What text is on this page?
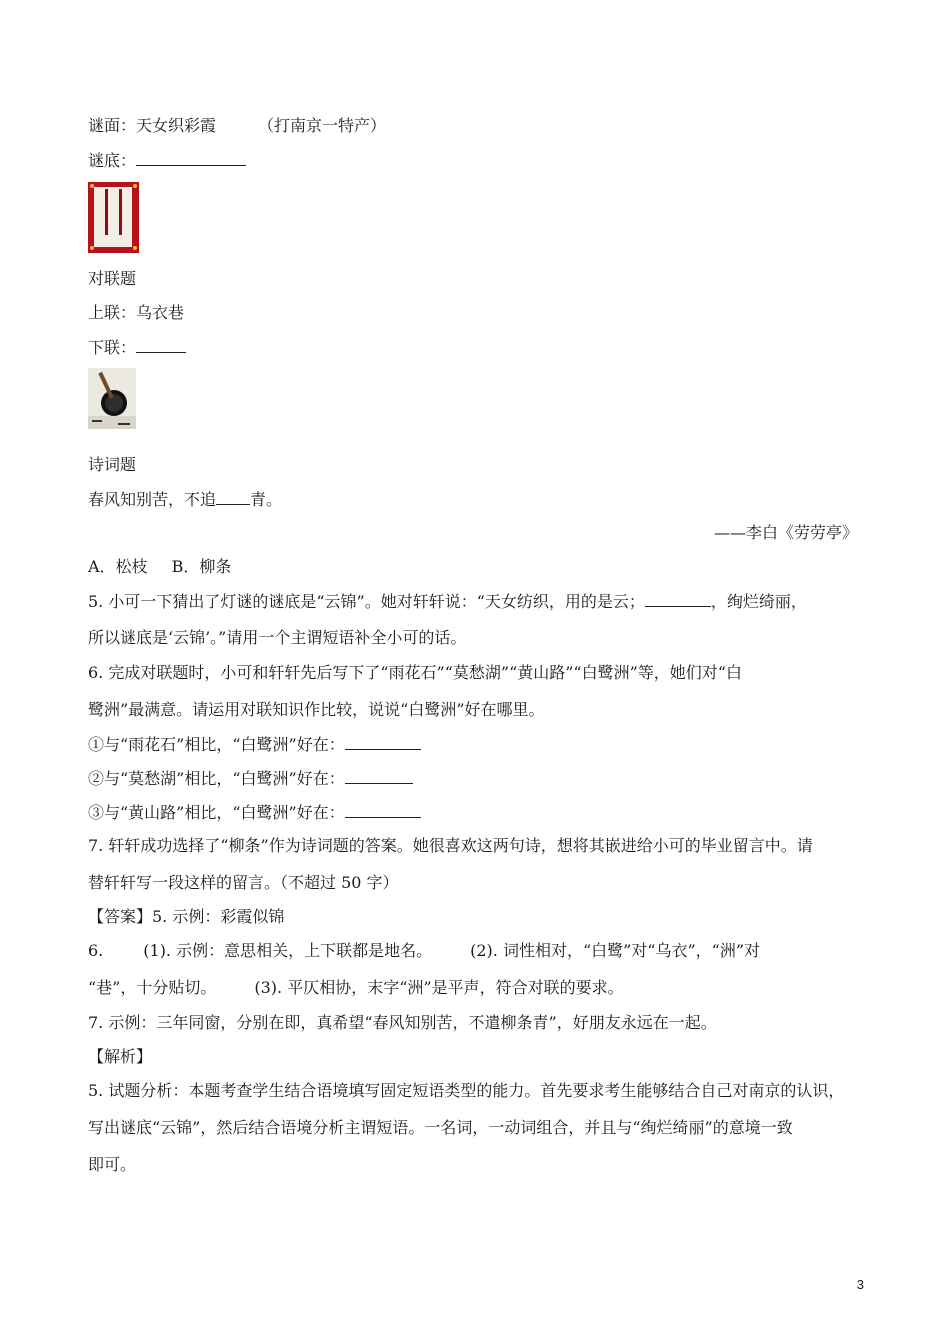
谜面：天女织彩霞	（打南京一特产）
谜底：
对联题
上联：乌衣巷
下联：
诗词题
春风知别苦，不追 青。
——李白《劳劳亭》
A．松枝 B．柳条
5. 小可一下猜出了灯谜的谜底是“云锦”。她对轩轩说：“天女纺织，用的是云；	，绚烂绮丽，
所以谜底是‘云锦’。”请用一个主谓短语补全小可的话。
6. 完成对联题时，小可和轩轩先后写下了“雨花石”“莫愁湖”“黄山路”“白鹭洲”等，她们对“白
鹭洲”最满意。请运用对联知识作比较，说说“白鹭洲”好在哪里。
①与“雨花石”相比，“白鹭洲”好在：
②与“莫愁湖”相比，“白鹭洲”好在：
③与“黄山路”相比，“白鹭洲”好在：
7. 轩轩成功选择了“柳条”作为诗词题的答案。她很喜欢这两句诗，想将其嵌进给小可的毕业留言中。请
替轩轩写一段这样的留言。（不超过 50 字）
【答案】5. 示例：彩霞似锦
6.	(1). 示例：意思相关，上下联都是地名。 (2). 词性相对，“白鹭”对“乌衣”，“洲”对
“巷”，十分贴切。 (3). 平仄相协，末字“洲”是平声，符合对联的要求。
7. 示例：三年同窗，分别在即，真希望“春风知别苦，不遣柳条青”，好朋友永远在一起。
【解析】
5. 试题分析：本题考查学生结合语境填写固定短语类型的能力。首先要求考生能够结合自己对南京的认识，
写出谜底“云锦”，然后结合语境分析主谓短语。一名词，一动词组合，并且与“绚烂绮丽”的意境一致
即可。
3
